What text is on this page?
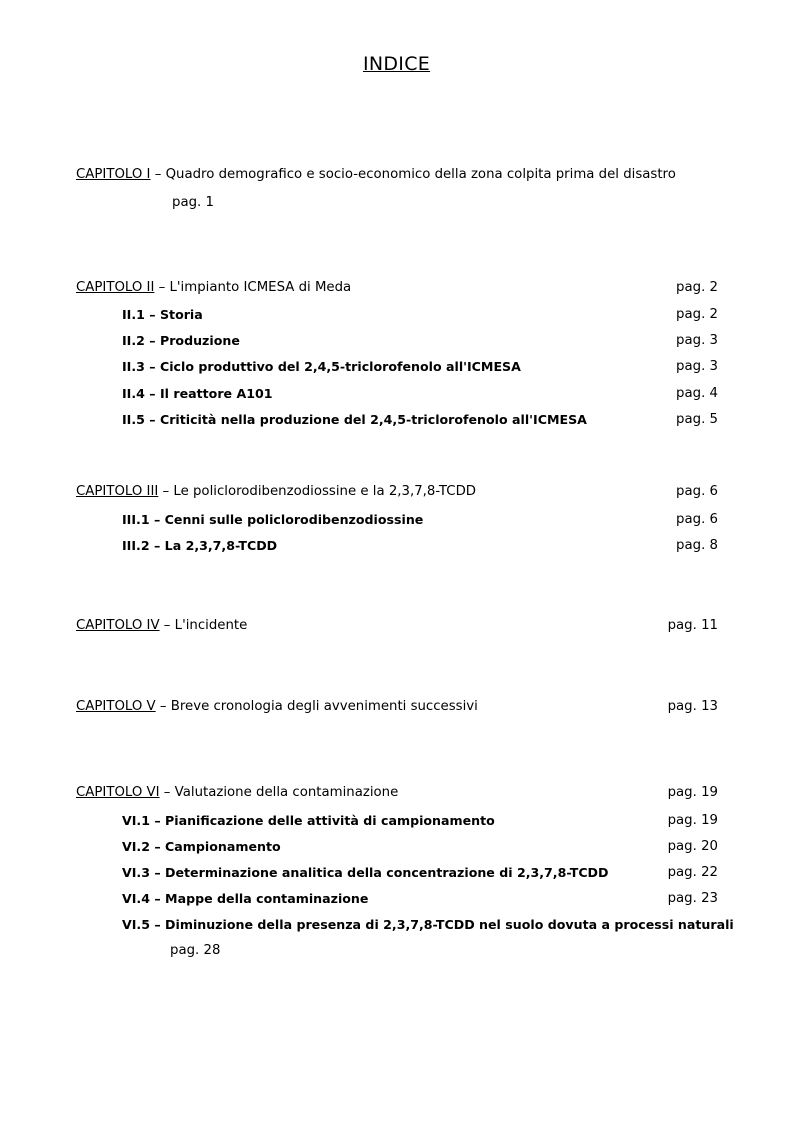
INDICE
CAPITOLO I – Quadro demografico e socio-economico della zona colpita prima del disastro
pag. 1
CAPITOLO II – L'impianto ICMESA di Meda	pag. 2
II.1 – Storia	pag. 2
II.2 – Produzione	pag. 3
II.3 – Ciclo produttivo del 2,4,5-triclorofenolo all'ICMESA	pag. 3
II.4 – Il reattore A101	pag. 4
II.5 – Criticità nella produzione del 2,4,5-triclorofenolo all'ICMESA	pag. 5
CAPITOLO III – Le policlorodibenzodiossine e la 2,3,7,8-TCDD	pag. 6
III.1 – Cenni sulle policlorodibenzodiossine	pag. 6
III.2 – La 2,3,7,8-TCDD	pag. 8
CAPITOLO IV – L'incidente	pag. 11
CAPITOLO V – Breve cronologia degli avvenimenti successivi	pag. 13
CAPITOLO VI – Valutazione della contaminazione	pag. 19
VI.1 – Pianificazione delle attività di campionamento	pag. 19
VI.2 – Campionamento	pag. 20
VI.3 – Determinazione analitica della concentrazione di 2,3,7,8-TCDD	pag. 22
VI.4 – Mappe della contaminazione	pag. 23
VI.5 – Diminuzione della presenza di 2,3,7,8-TCDD nel suolo dovuta a processi naturali
pag. 28
